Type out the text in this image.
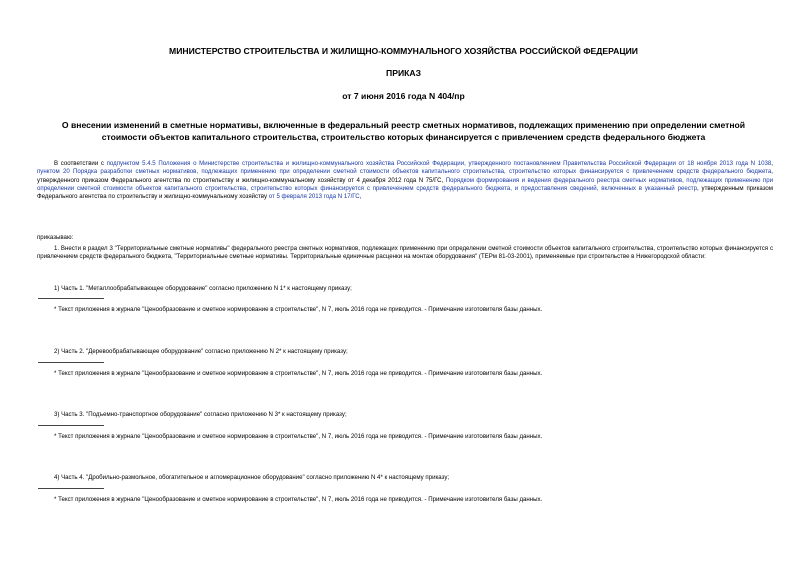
МИНИСТЕРСТВО СТРОИТЕЛЬСТВА И ЖИЛИЩНО-КОММУНАЛЬНОГО ХОЗЯЙСТВА РОССИЙСКОЙ ФЕДЕРАЦИИ
ПРИКАЗ
от 7 июня 2016 года N 404/пр
О внесении изменений в сметные нормативы, включенные в федеральный реестр сметных нормативов, подлежащих применению при определении сметной стоимости объектов капитального строительства, строительство которых финансируется с привлечением средств федерального бюджета
В соответствии с подпунктом 5.4.5 Положения о Министерстве строительства и жилищно-коммунального хозяйства Российской Федерации, утвержденного постановлением Правительства Российской Федерации от 18 ноября 2013 года N 1038, пунктом 20 Порядка разработки сметных нормативов, подлежащих применению при определении сметной стоимости объектов капитального строительства, строительство которых финансируется с привлечением средств федерального бюджета, утвержденного приказом Федерального агентства по строительству и жилищно-коммунальному хозяйству от 4 декабря 2012 года N 75/ГС, Порядком формирования и ведения федерального реестра сметных нормативов, подлежащих применению при определении сметной стоимости объектов капитального строительства, строительство которых финансируется с привлечением средств федерального бюджета, и предоставления сведений, включенных в указанный реестр, утвержденным приказом Федерального агентства по строительству и жилищно-коммунальному хозяйству от 5 февраля 2013 года N 17/ГС,
приказываю:
1. Внести в раздел 3 "Территориальные сметные нормативы" федерального реестра сметных нормативов, подлежащих применению при определении сметной стоимости объектов капитального строительства, строительство которых финансируется с привлечением средств федерального бюджета, "Территориальные сметные нормативы. Территориальные единичные расценки на монтаж оборудования" (ТЕРм 81-03-2001), применяемые при строительстве в Нижегородской области:
1) Часть 1. "Металлообрабатывающее оборудование" согласно приложению N 1* к настоящему приказу;
* Текст приложения в журнале "Ценообразование и сметное нормирование в строительстве", N 7, июль 2016 года не приводится. - Примечание изготовителя базы данных.
2) Часть 2. "Деревообрабатывающее оборудование" согласно приложению N 2* к настоящему приказу;
* Текст приложения в журнале "Ценообразование и сметное нормирование в строительстве", N 7, июль 2016 года не приводится. - Примечание изготовителя базы данных.
3) Часть 3. "Подъемно-транспортное оборудование" согласно приложению N 3* к настоящему приказу;
* Текст приложения в журнале "Ценообразование и сметное нормирование в строительстве", N 7, июль 2016 года не приводится. - Примечание изготовителя базы данных.
4) Часть 4. "Дробильно-размольное, обогатительное и агломерационное оборудование" согласно приложению N 4* к настоящему приказу;
* Текст приложения в журнале "Ценообразование и сметное нормирование в строительстве", N 7, июль 2016 года не приводится. - Примечание изготовителя базы данных.
